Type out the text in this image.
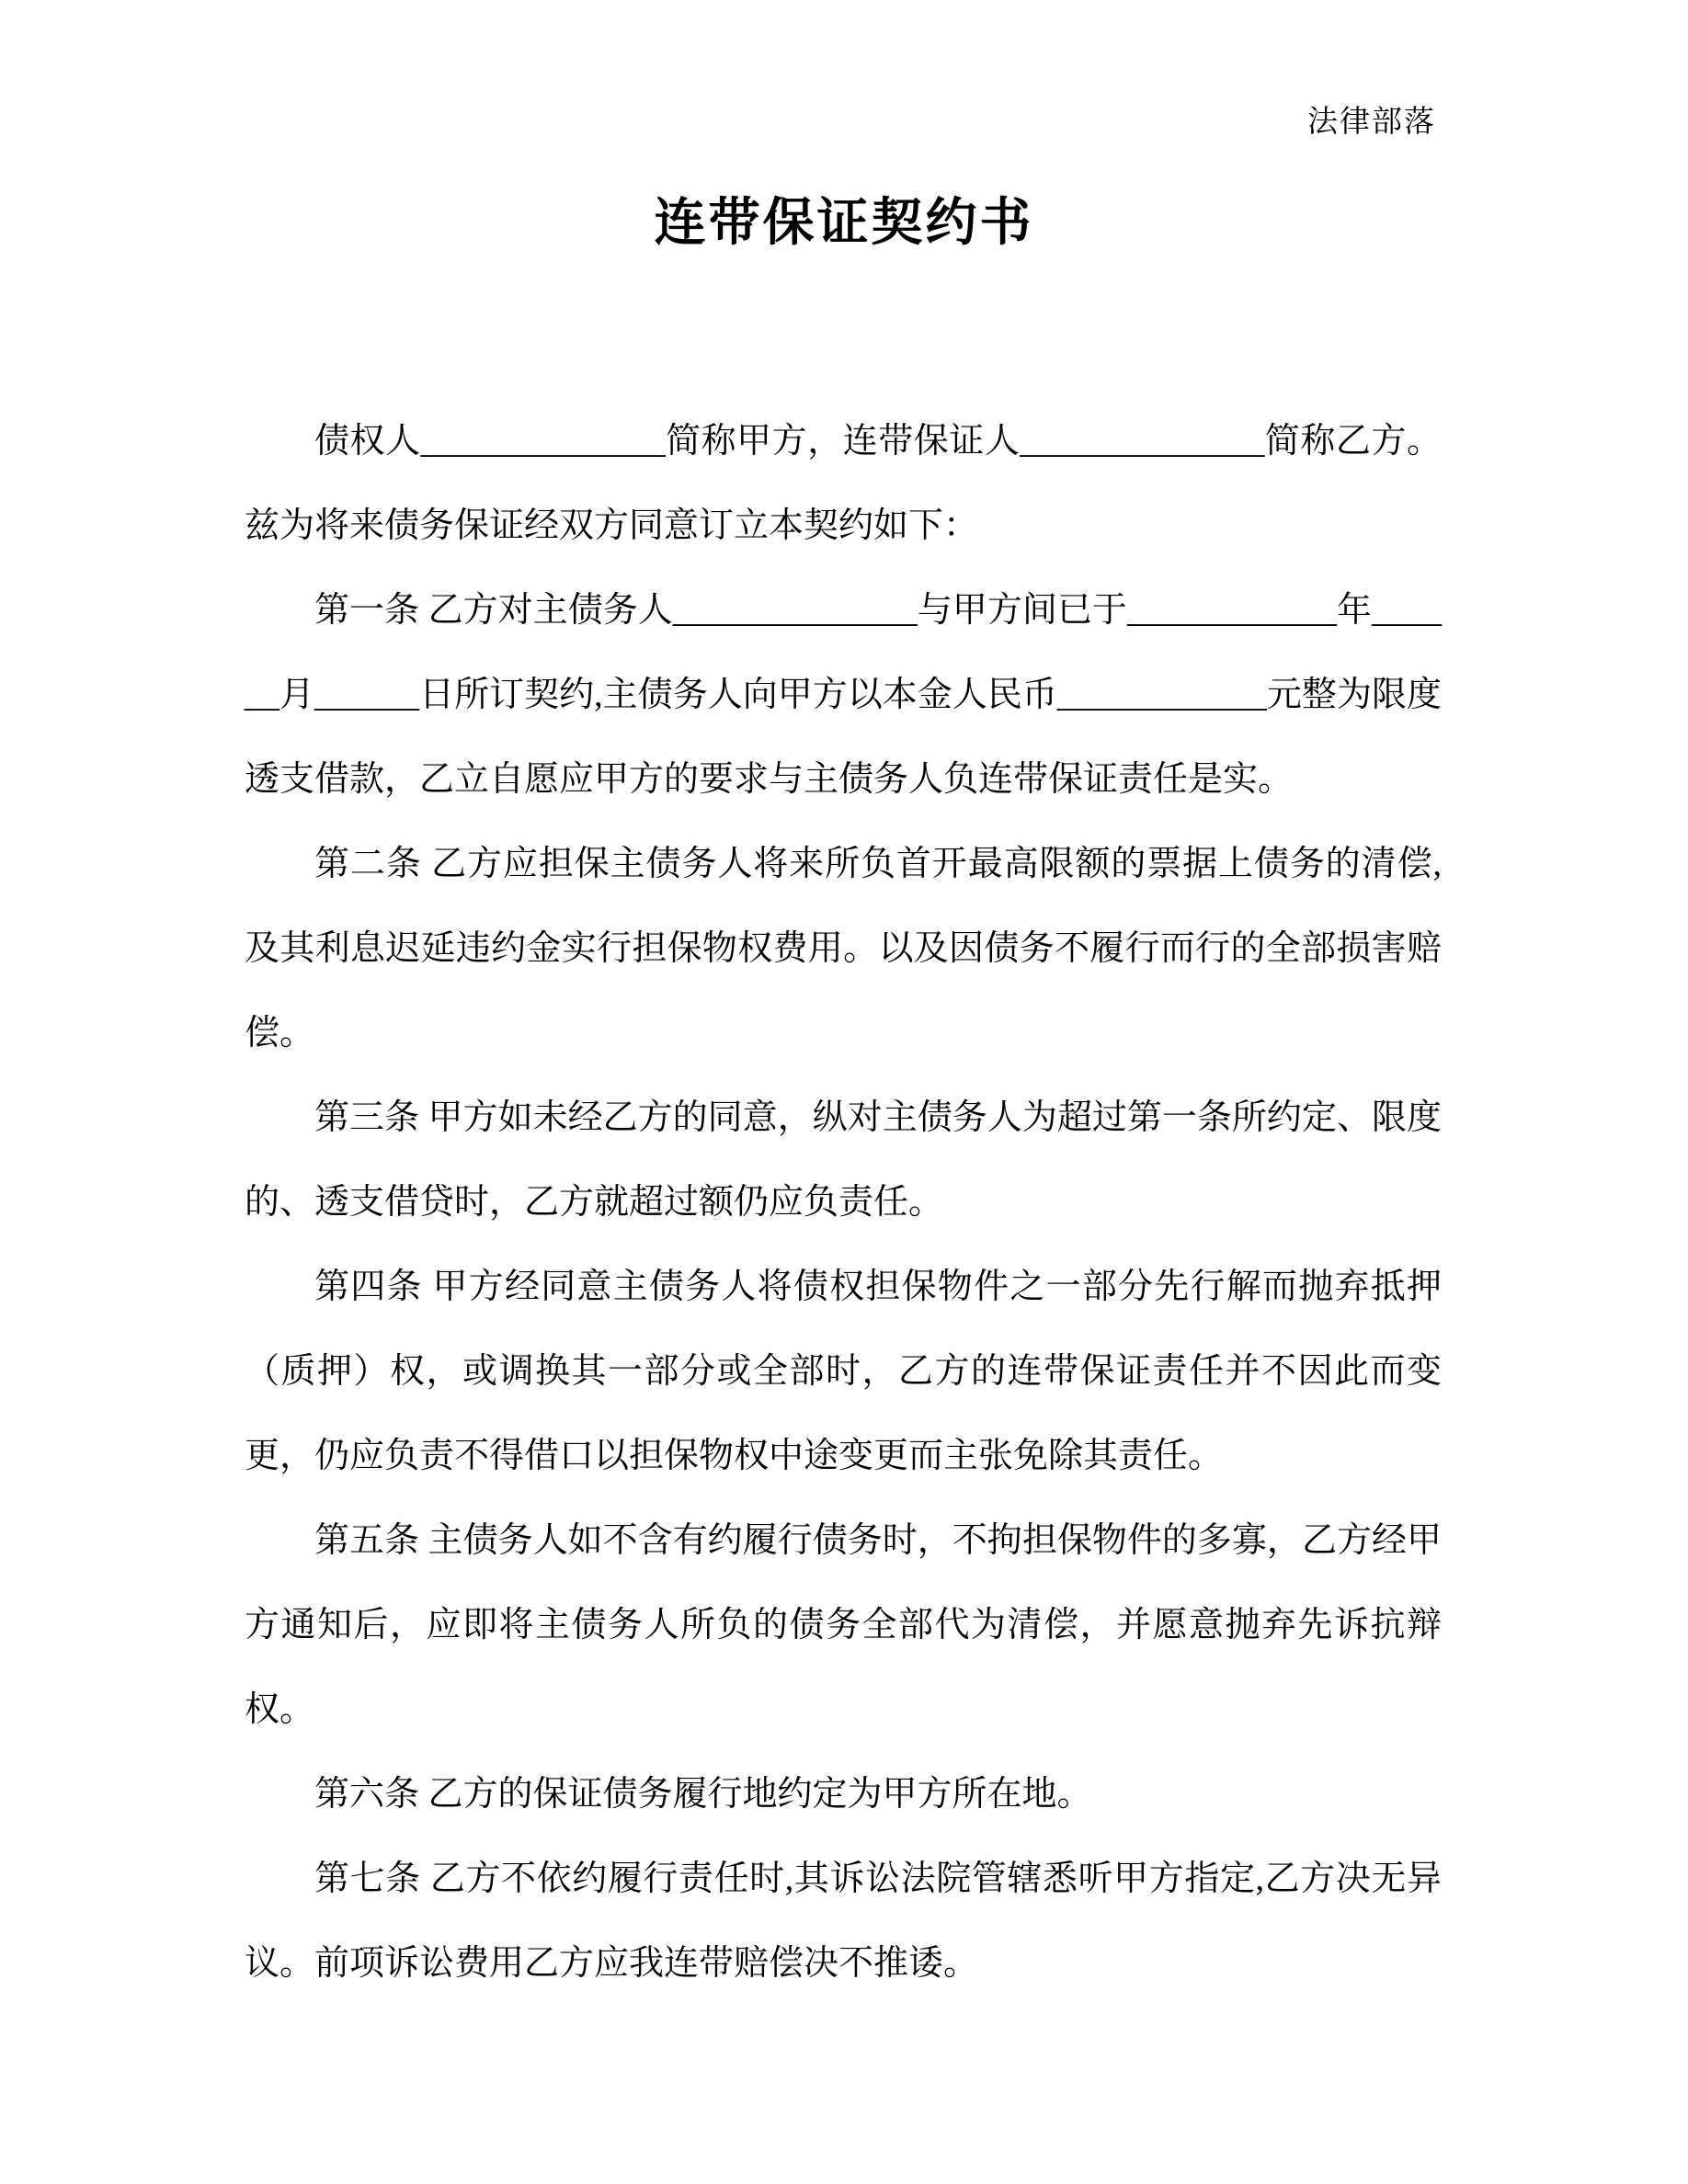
法律部落
连带保证契约书

债权人______________简称甲方，连带保证人______________简称乙方。兹为将来债务保证经双方同意订立本契约如下：

第一条 乙方对主债务人______________与甲方间已于____________年______月______日所订契约,主债务人向甲方以本金人民币____________元整为限度透支借款，乙立自愿应甲方的要求与主债务人负连带保证责任是实。

第二条 乙方应担保主债务人将来所负首开最高限额的票据上债务的清偿,及其利息迟延违约金实行担保物权费用。以及因债务不履行而行的全部损害赔偿。

第三条 甲方如未经乙方的同意，纵对主债务人为超过第一条所约定、限度的、透支借贷时，乙方就超过额仍应负责任。

第四条 甲方经同意主债务人将债权担保物件之一部分先行解而抛弃抵押（质押）权，或调换其一部分或全部时，乙方的连带保证责任并不因此而变更，仍应负责不得借口以担保物权中途变更而主张免除其责任。

第五条 主债务人如不含有约履行债务时，不拘担保物件的多寡，乙方经甲方通知后，应即将主债务人所负的债务全部代为清偿，并愿意抛弃先诉抗辩权。

第六条 乙方的保证债务履行地约定为甲方所在地。

第七条 乙方不依约履行责任时,其诉讼法院管辖悉听甲方指定,乙方决无异议。前项诉讼费用乙方应我连带赔偿决不推诿。
